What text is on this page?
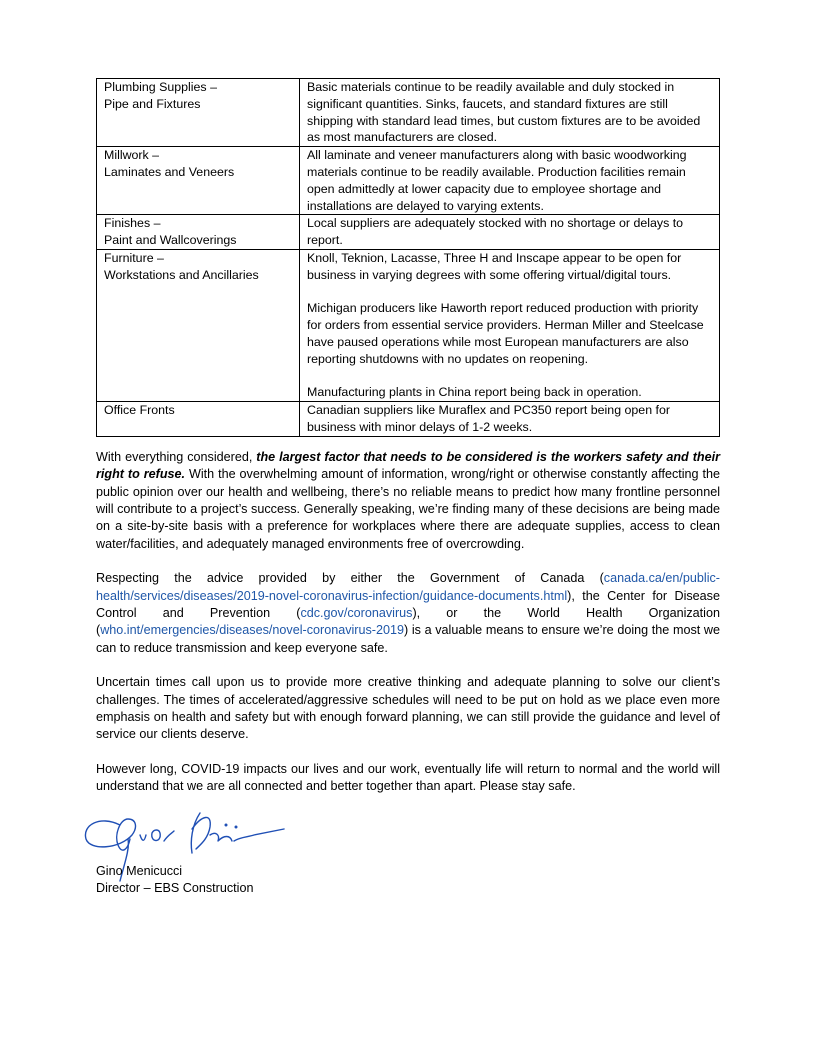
Plumbing Supplies –
Pipe and Fixtures	Basic materials continue to be readily available and duly stocked in significant quantities. Sinks, faucets, and standard fixtures are still shipping with standard lead times, but custom fixtures are to be avoided as most manufacturers are closed.

Millwork –
Laminates and Veneers	All laminate and veneer manufacturers along with basic woodworking materials continue to be readily available. Production facilities remain open admittedly at lower capacity due to employee shortage and installations are delayed to varying extents.

Finishes –
Paint and Wallcoverings	Local suppliers are adequately stocked with no shortage or delays to report.

Furniture –
Workstations and Ancillaries	Knoll, Teknion, Lacasse, Three H and Inscape appear to be open for business in varying degrees with some offering virtual/digital tours.
Michigan producers like Haworth report reduced production with priority for orders from essential service providers. Herman Miller and Steelcase have paused operations while most European manufacturers are also reporting shutdowns with no updates on reopening.
Manufacturing plants in China report being back in operation.

Office Fronts	Canadian suppliers like Muraflex and PC350 report being open for business with minor delays of 1-2 weeks.

With everything considered, the largest factor that needs to be considered is the workers safety and their right to refuse. With the overwhelming amount of information, wrong/right or otherwise constantly affecting the public opinion over our health and wellbeing, there’s no reliable means to predict how many frontline personnel will contribute to a project’s success. Generally speaking, we’re finding many of these decisions are being made on a site-by-site basis with a preference for workplaces where there are adequate supplies, access to clean water/facilities, and adequately managed environments free of overcrowding.

Respecting the advice provided by either the Government of Canada (canada.ca/en/public-health/services/diseases/2019-novel-coronavirus-infection/guidance-documents.html), the Center for Disease Control and Prevention (cdc.gov/coronavirus), or the World Health Organization (who.int/emergencies/diseases/novel-coronavirus-2019) is a valuable means to ensure we’re doing the most we can to reduce transmission and keep everyone safe.

Uncertain times call upon us to provide more creative thinking and adequate planning to solve our client’s challenges. The times of accelerated/aggressive schedules will need to be put on hold as we place even more emphasis on health and safety but with enough forward planning, we can still provide the guidance and level of service our clients deserve.

However long, COVID-19 impacts our lives and our work, eventually life will return to normal and the world will understand that we are all connected and better together than apart. Please stay safe.

Gino Menicucci
Director – EBS Construction
